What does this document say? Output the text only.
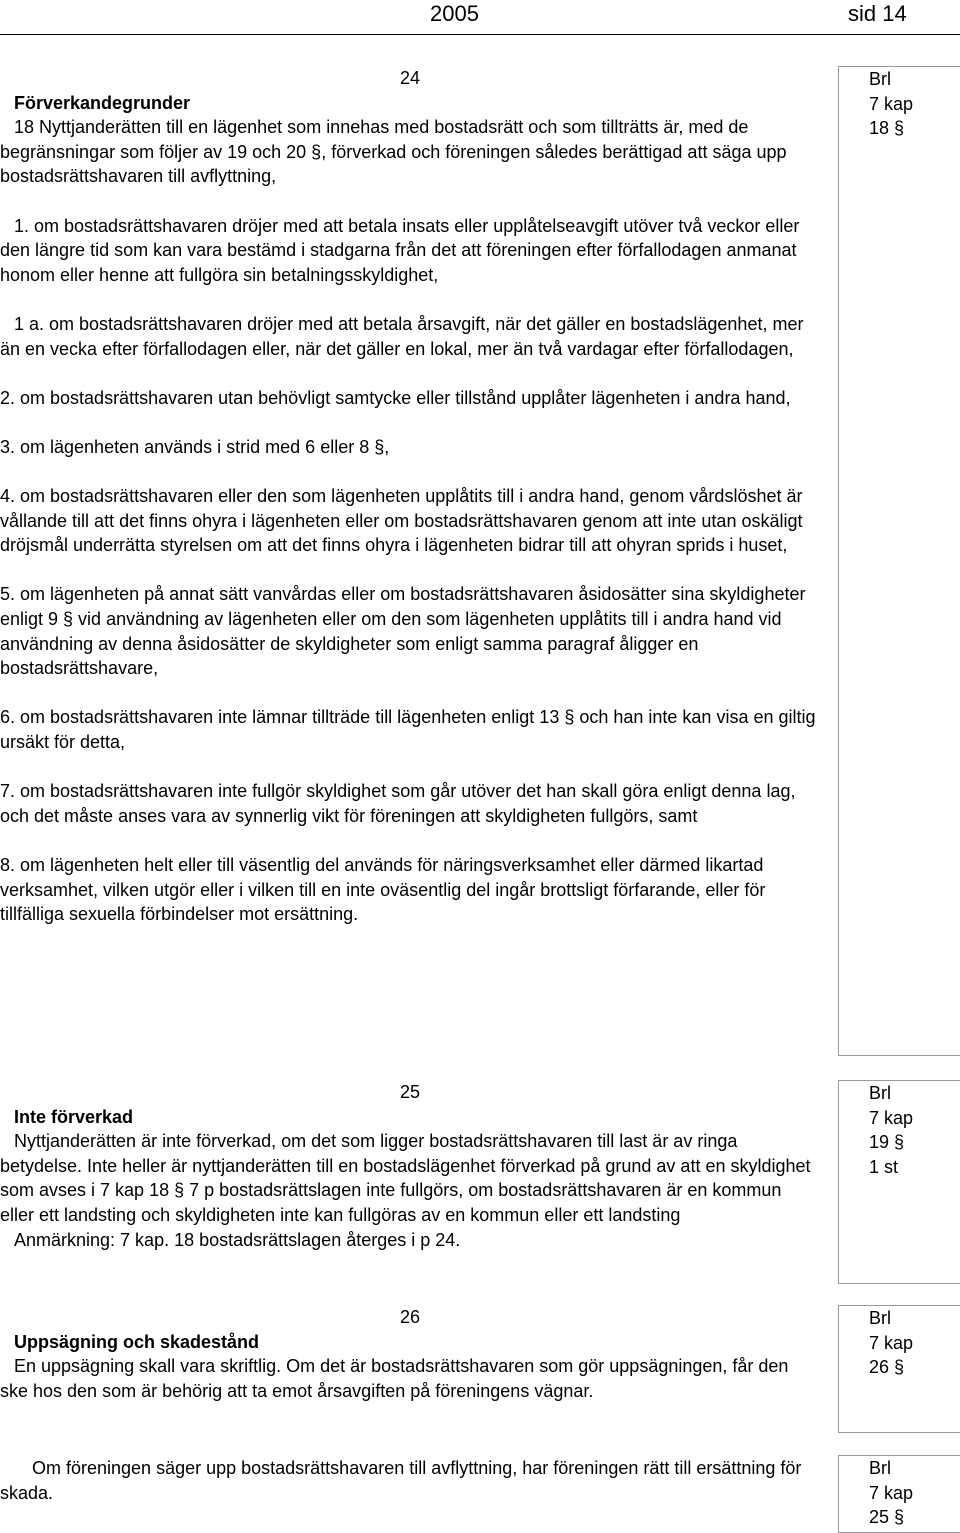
2005	sid 14

24

Förverkandegrunder

18 Nyttjanderätten till en lägenhet som innehas med bostadsrätt och som tillträtts är, med de begränsningar som följer av 19 och 20 §, förverkad och föreningen således berättigad att säga upp bostadsrättshavaren till avflyttning,

1. om bostadsrättshavaren dröjer med att betala insats eller upplåtelseavgift utöver två veckor eller den längre tid som kan vara bestämd i stadgarna från det att föreningen efter förfallodagen anmanat honom eller henne att fullgöra sin betalningsskyldighet,

1 a. om bostadsrättshavaren dröjer med att betala årsavgift, när det gäller en bostadslägenhet, mer än en vecka efter förfallodagen eller, när det gäller en lokal, mer än två vardagar efter förfallodagen,

2. om bostadsrättshavaren utan behövligt samtycke eller tillstånd upplåter lägenheten i andra hand,

3. om lägenheten används i strid med 6 eller 8 §,

4. om bostadsrättshavaren eller den som lägenheten upplåtits till i andra hand, genom vårdslöshet är vållande till att det finns ohyra i lägenheten eller om bostadsrättshavaren genom att inte utan oskäligt dröjsmål underrätta styrelsen om att det finns ohyra i lägenheten bidrar till att ohyran sprids i huset,

5. om lägenheten på annat sätt vanvårdas eller om bostadsrättshavaren åsidosätter sina skyldigheter enligt 9 § vid användning av lägenheten eller om den som lägenheten upplåtits till i andra hand vid användning av denna åsidosätter de skyldigheter som enligt samma paragraf åligger en bostadsrättshavare,

6. om bostadsrättshavaren inte lämnar tillträde till lägenheten enligt 13 § och han inte kan visa en giltig ursäkt för detta,

7. om bostadsrättshavaren inte fullgör skyldighet som går utöver det han skall göra enligt denna lag, och det måste anses vara av synnerlig vikt för föreningen att skyldigheten fullgörs, samt

8. om lägenheten helt eller till väsentlig del används för näringsverksamhet eller därmed likartad verksamhet, vilken utgör eller i vilken till en inte oväsentlig del ingår brottsligt förfarande, eller för tillfälliga sexuella förbindelser mot ersättning.

Brl
7 kap
18 §

25

Inte förverkad

Nyttjanderätten är inte förverkad, om det som ligger bostadsrättshavaren till last är av ringa betydelse. Inte heller är nyttjanderätten till en bostadslägenhet förverkad på grund av att en skyldighet som avses i 7 kap 18 § 7 p bostadsrättslagen inte fullgörs, om bostadsrättshavaren är en kommun eller ett landsting och skyldigheten inte kan fullgöras av en kommun eller ett landsting

Anmärkning: 7 kap. 18 bostadsrättslagen återges i p 24.

Brl
7 kap
19 §
1 st

26

Uppsägning och skadestånd

En uppsägning skall vara skriftlig. Om det är bostadsrättshavaren som gör uppsägningen, får den ske hos den som är behörig att ta emot årsavgiften på föreningens vägnar.

Brl
7 kap
26 §

Om föreningen säger upp bostadsrättshavaren till avflyttning, har föreningen rätt till ersättning för skada.

Brl
7 kap
25 §
